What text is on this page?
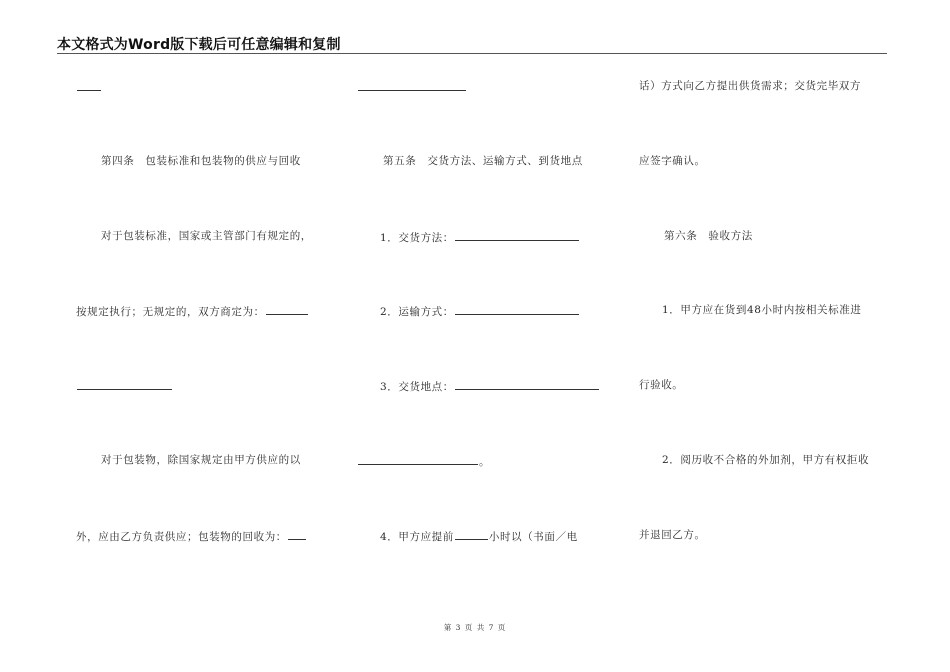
本文格式为Word版下载后可任意编辑和复制
第四条　包装标准和包装物的供应与回收
对于包装标准，国家或主管部门有规定的，
按规定执行；无规定的，双方商定为：
对于包装物，除国家规定由甲方供应的以
外，应由乙方负责供应；包装物的回收为：
第五条　交货方法、运输方式、到货地点
1．交货方法：
2．运输方式：
3．交货地点：
。
4．甲方应提前	小时以（书面／电
话）方式向乙方提出供货需求；交货完毕双方
应签字确认。
第六条　验收方法
1．甲方应在货到48小时内按相关标准进
行验收。
2．阅历收不合格的外加剂，甲方有权拒收
并退回乙方。
第 3 页 共 7 页
